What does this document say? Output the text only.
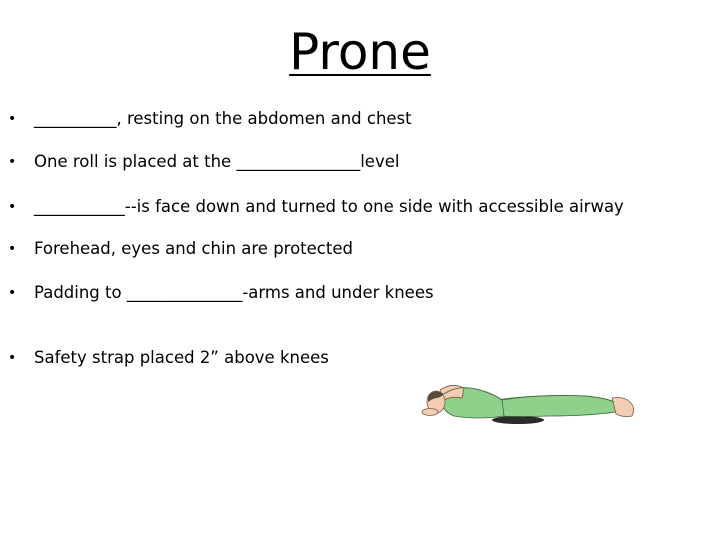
Prone
• __________, resting on the abdomen and chest
• One roll is placed at the _______________level
• ___________--is face down and turned to one side with accessible airway
• Forehead, eyes and chin are protected
• Padding to ______________-arms and under knees
• Safety strap placed 2” above knees
